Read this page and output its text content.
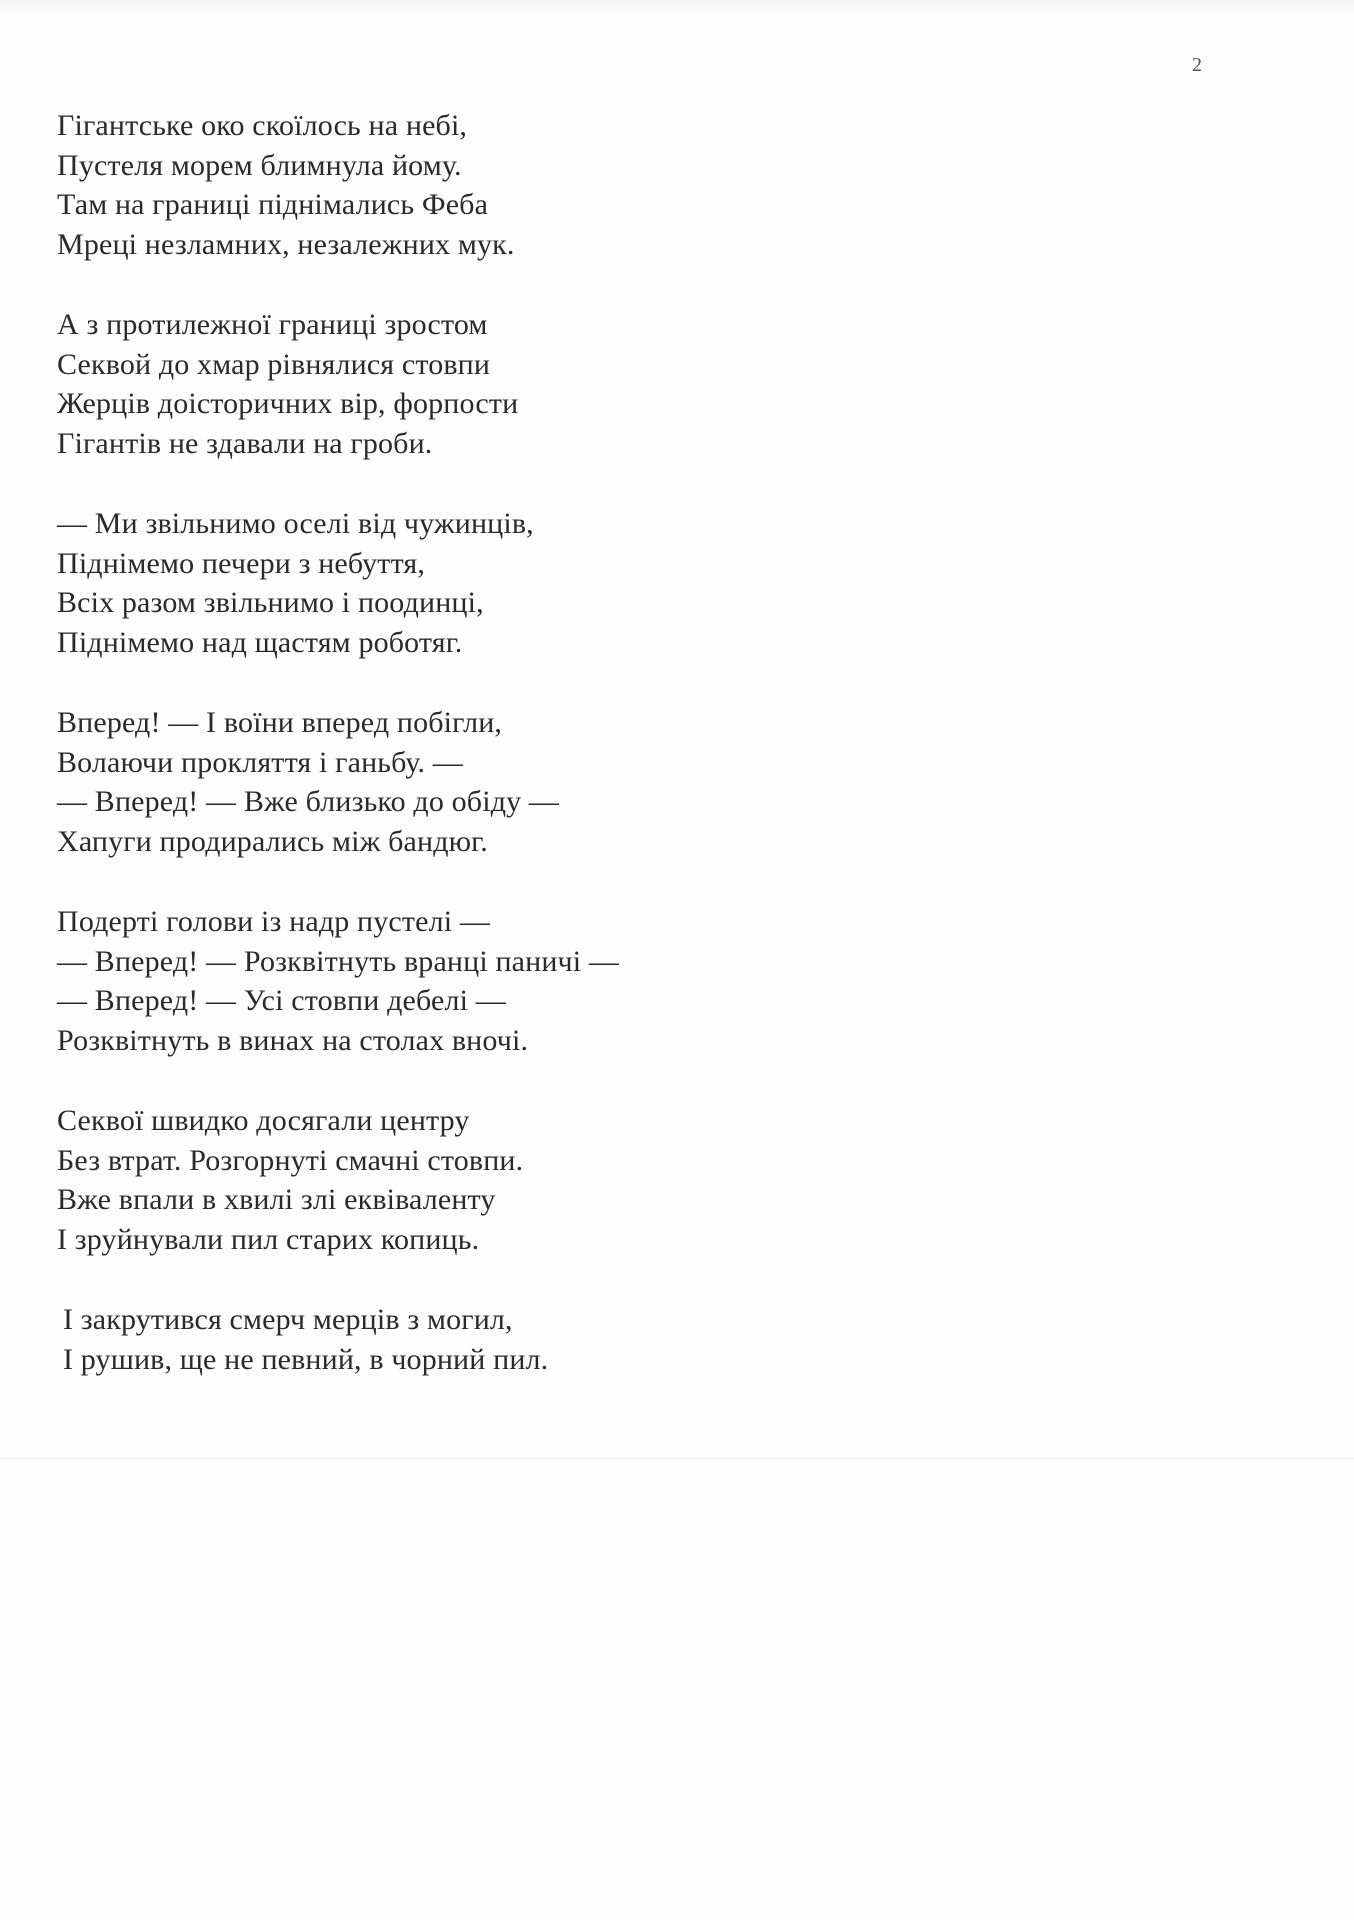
2
Гігантське око скоїлось на небі,
Пустеля морем блимнула йому.
Там на границі піднімались Феба
Мреці незламних, незалежних мук.
А з протилежної границі зростом
Секвой до хмар рівнялися стовпи
Жерців доісторичних вір, форпости
Гігантів не здавали на гроби.
— Ми звільнимо оселі від чужинців,
Піднімемо печери з небуття,
Всіх разом звільнимо і поодинці,
Піднімемо над щастям роботяг.
Вперед! — І воїни вперед побігли,
Волаючи прокляття і ганьбу. —
— Вперед! — Вже близько до обіду —
Хапуги продирались між бандюг.
Подерті голови із надр пустелі —
— Вперед! — Розквітнуть вранці паничі —
— Вперед! — Усі стовпи дебелі —
Розквітнуть в винах на столах вночі.
Секвої швидко досягали центру
Без втрат. Розгорнуті смачні стовпи.
Вже впали в хвилі злі еквіваленту
І зруйнували пил старих копиць.
І закрутився смерч мерців з могил,
І рушив, ще не певний, в чорний пил.
